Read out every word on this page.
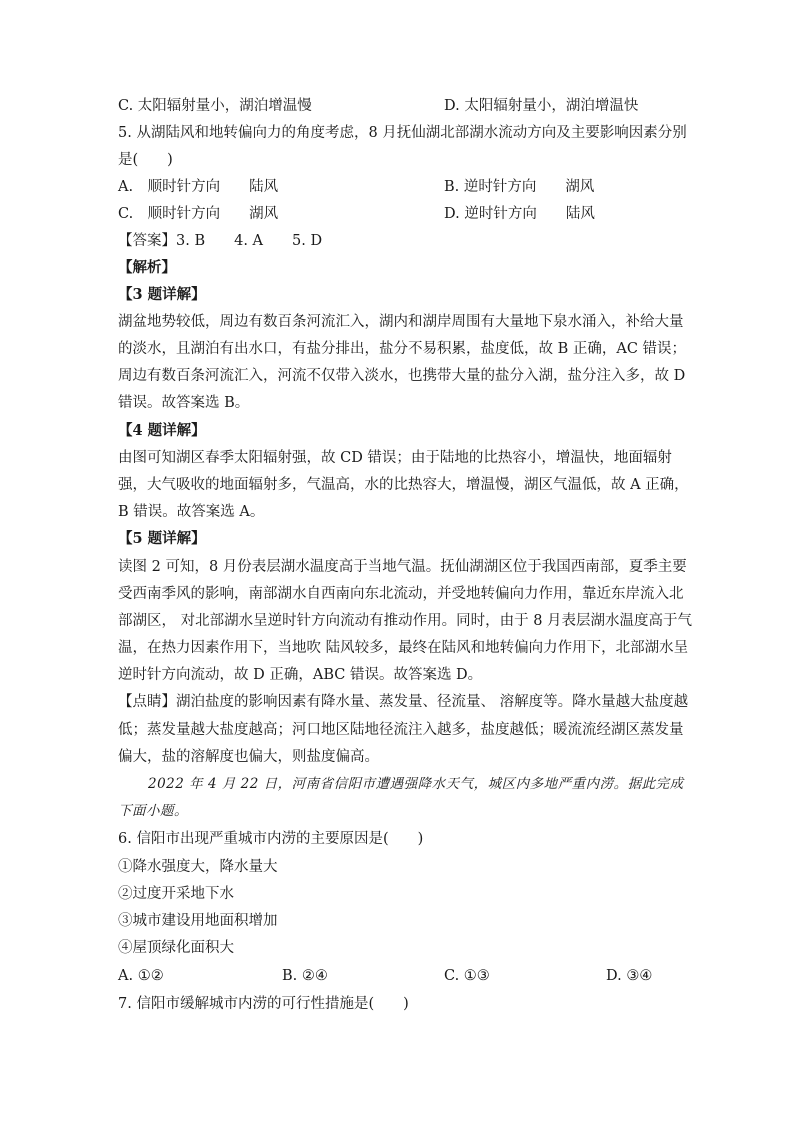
C. 太阳辐射量小，湖泊增温慢	D. 太阳辐射量小，湖泊增温快
5. 从湖陆风和地转偏向力的角度考虑，8 月抚仙湖北部湖水流动方向及主要影响因素分别
是(　　)
A.　顺时针方向　　陆风	B. 逆时针方向　　湖风
C.　顺时针方向　　湖风	D. 逆时针方向　　陆风
【答案】3. B　　4. A　　5. D
【解析】
【3 题详解】
湖盆地势较低，周边有数百条河流汇入，湖内和湖岸周围有大量地下泉水涌入，补给大量
的淡水，且湖泊有出水口，有盐分排出，盐分不易积累，盐度低，故 B 正确，AC 错误；
周边有数百条河流汇入，河流不仅带入淡水，也携带大量的盐分入湖，盐分注入多，故 D
错误。故答案选 B。
【4 题详解】
由图可知湖区春季太阳辐射强，故 CD 错误；由于陆地的比热容小，增温快，地面辐射
强，大气吸收的地面辐射多，气温高，水的比热容大，增温慢，湖区气温低，故 A 正确，
B 错误。故答案选 A。
【5 题详解】
读图 2 可知，8 月份表层湖水温度高于当地气温。抚仙湖湖区位于我国西南部，夏季主要
受西南季风的影响，南部湖水自西南向东北流动，并受地转偏向力作用，靠近东岸流入北
部湖区， 对北部湖水呈逆时针方向流动有推动作用。同时，由于 8 月表层湖水温度高于气
温，在热力因素作用下，当地吹 陆风较多，最终在陆风和地转偏向力作用下，北部湖水呈
逆时针方向流动，故 D 正确，ABC 错误。故答案选 D。
【点睛】湖泊盐度的影响因素有降水量、蒸发量、径流量、 溶解度等。降水量越大盐度越
低；蒸发量越大盐度越高；河口地区陆地径流注入越多，盐度越低；暖流流经湖区蒸发量
偏大，盐的溶解度也偏大，则盐度偏高。
2022 年 4 月 22 日，河南省信阳市遭遇强降水天气，城区内多地严重内涝。据此完成
下面小题。
6. 信阳市出现严重城市内涝的主要原因是(　　)
①降水强度大，降水量大
②过度开采地下水
③城市建设用地面积增加
④屋顶绿化面积大
A. ①②	B. ②④	C. ①③	D. ③④
7. 信阳市缓解城市内涝的可行性措施是(　　)
